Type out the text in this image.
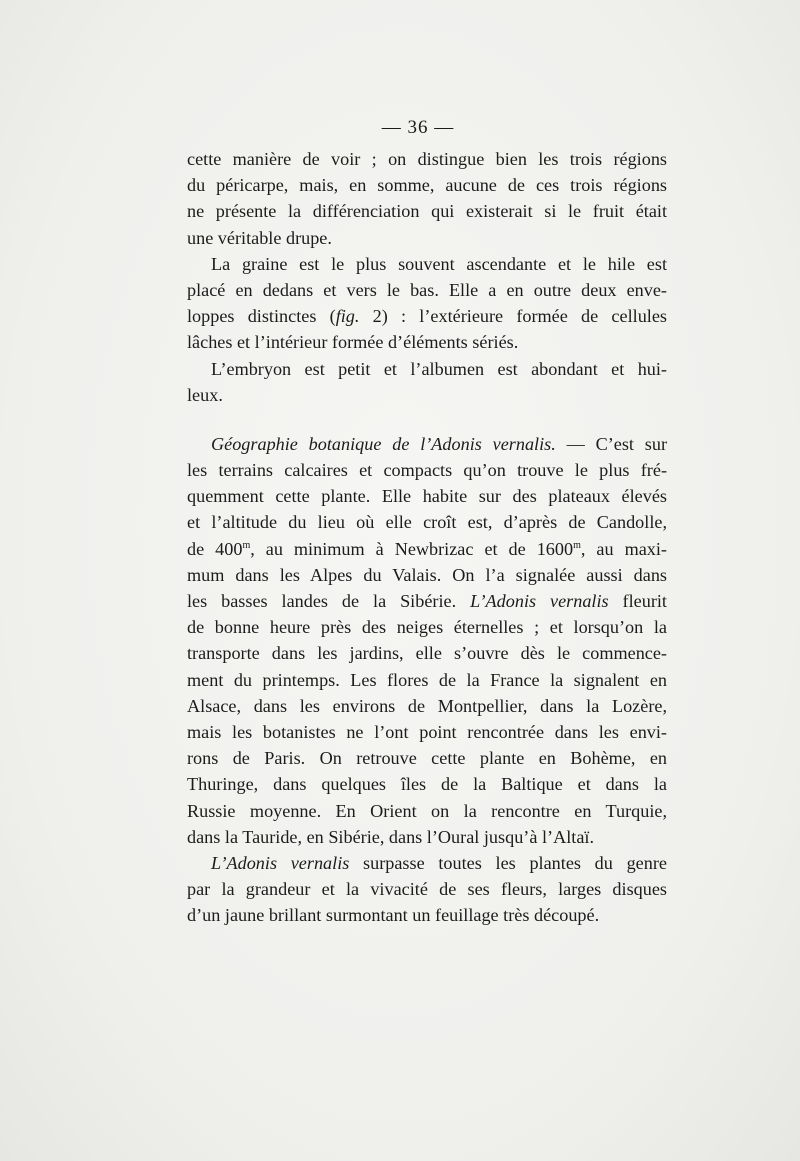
— 36 —
cette manière de voir ; on distingue bien les trois régions
du péricarpe, mais, en somme, aucune de ces trois régions
ne présente la différenciation qui existerait si le fruit était
une véritable drupe.
La graine est le plus souvent ascendante et le hile est
placé en dedans et vers le bas. Elle a en outre deux enve-
loppes distinctes (fig. 2) : l’extérieure formée de cellules
lâches et l’intérieur formée d’éléments sériés.
L’embryon est petit et l’albumen est abondant et hui-
leux.
Géographie botanique de l’Adonis vernalis. — C’est sur
les terrains calcaires et compacts qu’on trouve le plus fré-
quemment cette plante. Elle habite sur des plateaux élevés
et l’altitude du lieu où elle croît est, d’après de Candolle,
de 400$^m$, au minimum à Newbrizac et de 1600$^m$, au maxi-
mum dans les Alpes du Valais. On l’a signalée aussi dans
les basses landes de la Sibérie. L’Adonis vernalis fleurit
de bonne heure près des neiges éternelles ; et lorsqu’on la
transporte dans les jardins, elle s’ouvre dès le commence-
ment du printemps. Les flores de la France la signalent en
Alsace, dans les environs de Montpellier, dans la Lozère,
mais les botanistes ne l’ont point rencontrée dans les envi-
rons de Paris. On retrouve cette plante en Bohème, en
Thuringe, dans quelques îles de la Baltique et dans la
Russie moyenne. En Orient on la rencontre en Turquie,
dans la Tauride, en Sibérie, dans l’Oural jusqu’à l’Altaï.
L’Adonis vernalis surpasse toutes les plantes du genre
par la grandeur et la vivacité de ses fleurs, larges disques
d’un jaune brillant surmontant un feuillage très découpé.
